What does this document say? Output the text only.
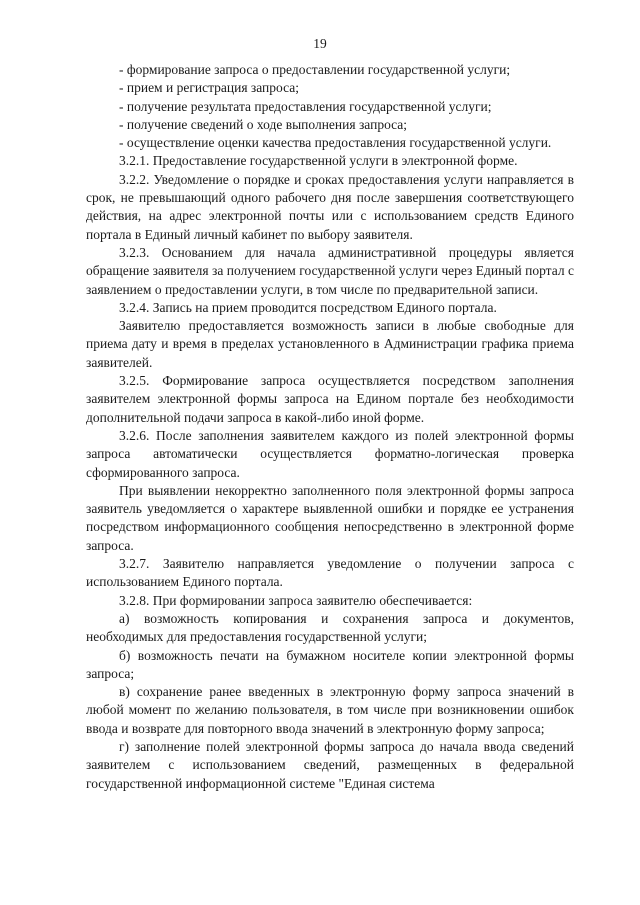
19

- формирование запроса о предоставлении государственной услуги;

- прием и регистрация запроса;

- получение результата предоставления государственной услуги;

- получение сведений о ходе выполнения запроса;

- осуществление оценки качества предоставления государственной услуги.

3.2.1. Предоставление государственной услуги в электронной форме.

3.2.2. Уведомление о порядке и сроках предоставления услуги направляется в срок, не превышающий одного рабочего дня после завершения соответствующего действия, на адрес электронной почты или с использованием средств Единого портала в Единый личный кабинет по выбору заявителя.

3.2.3. Основанием для начала административной процедуры является обращение заявителя за получением государственной услуги через Единый портал с заявлением о предоставлении услуги, в том числе по предварительной записи.

3.2.4. Запись на прием проводится посредством Единого портала.

Заявителю предоставляется возможность записи в любые свободные для приема дату и время в пределах установленного в Администрации графика приема заявителей.

3.2.5. Формирование запроса осуществляется посредством заполнения заявителем электронной формы запроса на Едином портале без необходимости дополнительной подачи запроса в какой-либо иной форме.

3.2.6. После заполнения заявителем каждого из полей электронной формы запроса автоматически осуществляется форматно-логическая проверка сформированного запроса.

При выявлении некорректно заполненного поля электронной формы запроса заявитель уведомляется о характере выявленной ошибки и порядке ее устранения посредством информационного сообщения непосредственно в электронной форме запроса.

3.2.7. Заявителю направляется уведомление о получении запроса с использованием Единого портала.

3.2.8. При формировании запроса заявителю обеспечивается:

а) возможность копирования и сохранения запроса и документов, необходимых для предоставления государственной услуги;

б) возможность печати на бумажном носителе копии электронной формы запроса;

в) сохранение ранее введенных в электронную форму запроса значений в любой момент по желанию пользователя, в том числе при возникновении ошибок ввода и возврате для повторного ввода значений в электронную форму запроса;

г) заполнение полей электронной формы запроса до начала ввода сведений заявителем с использованием сведений, размещенных в федеральной государственной информационной системе "Единая система
